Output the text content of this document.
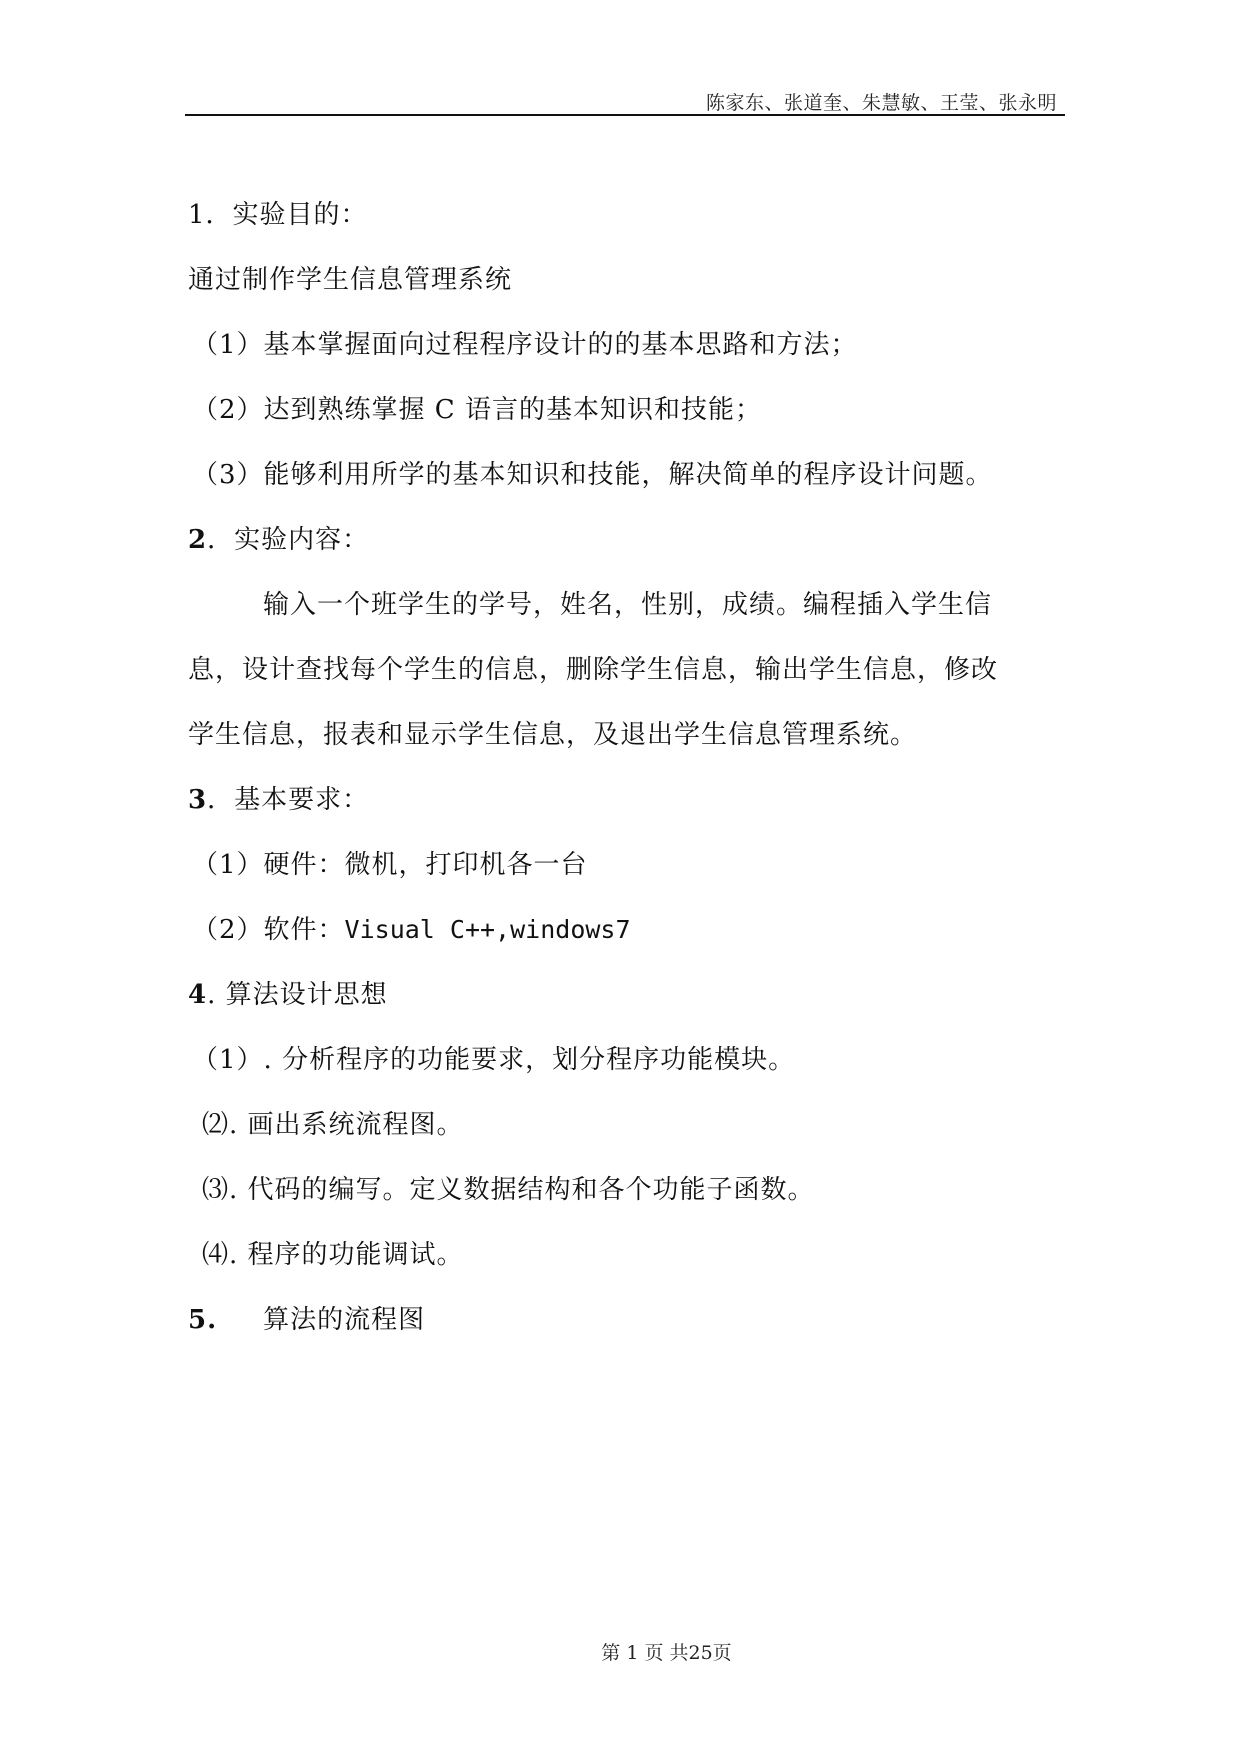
陈家东、张道奎、朱慧敏、王莹、张永明
1．实验目的：
通过制作学生信息管理系统
（1）基本掌握面向过程程序设计的的基本思路和方法；
（2）达到熟练掌握 C 语言的基本知识和技能；
（3）能够利用所学的基本知识和技能，解决简单的程序设计问题。
2．实验内容：
输入一个班学生的学号，姓名，性别，成绩。编程插入学生信
息，设计查找每个学生的信息，删除学生信息，输出学生信息，修改
学生信息，报表和显示学生信息，及退出学生信息管理系统。
3．基本要求：
（1）硬件：微机，打印机各一台
（2）软件：Visual C++,windows7
4. 算法设计思想
（1）. 分析程序的功能要求，划分程序功能模块。
⑵. 画出系统流程图。
⑶. 代码的编写。定义数据结构和各个功能子函数。
⑷. 程序的功能调试。
5. 算法的流程图
第 1 页 共25页
